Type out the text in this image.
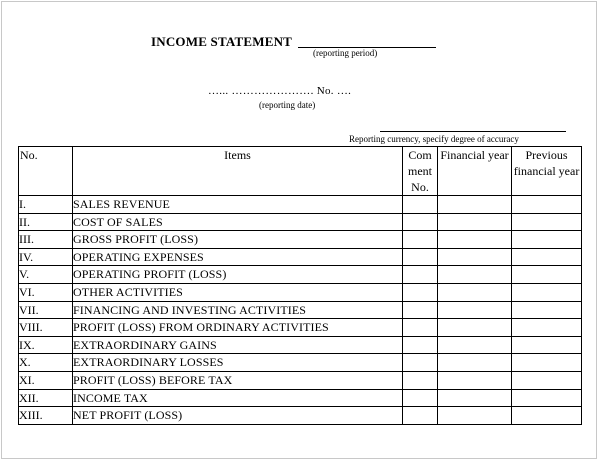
INCOME STATEMENT
(reporting period)
…... …………………. No. ….
(reporting date)
Reporting currency, specify degree of accuracy
No.	Items	Com ment No.	Financial year	Previous financial year
I.	SALES REVENUE			
II.	COST OF SALES			
III.	GROSS PROFIT (LOSS)			
IV.	OPERATING EXPENSES			
V.	OPERATING PROFIT (LOSS)			
VI.	OTHER ACTIVITIES			
VII.	FINANCING AND INVESTING ACTIVITIES			
VIII.	PROFIT (LOSS) FROM ORDINARY ACTIVITIES			
IX.	EXTRAORDINARY GAINS			
X.	EXTRAORDINARY LOSSES			
XI.	PROFIT (LOSS) BEFORE TAX			
XII.	INCOME TAX			
XIII.	NET PROFIT (LOSS)			
